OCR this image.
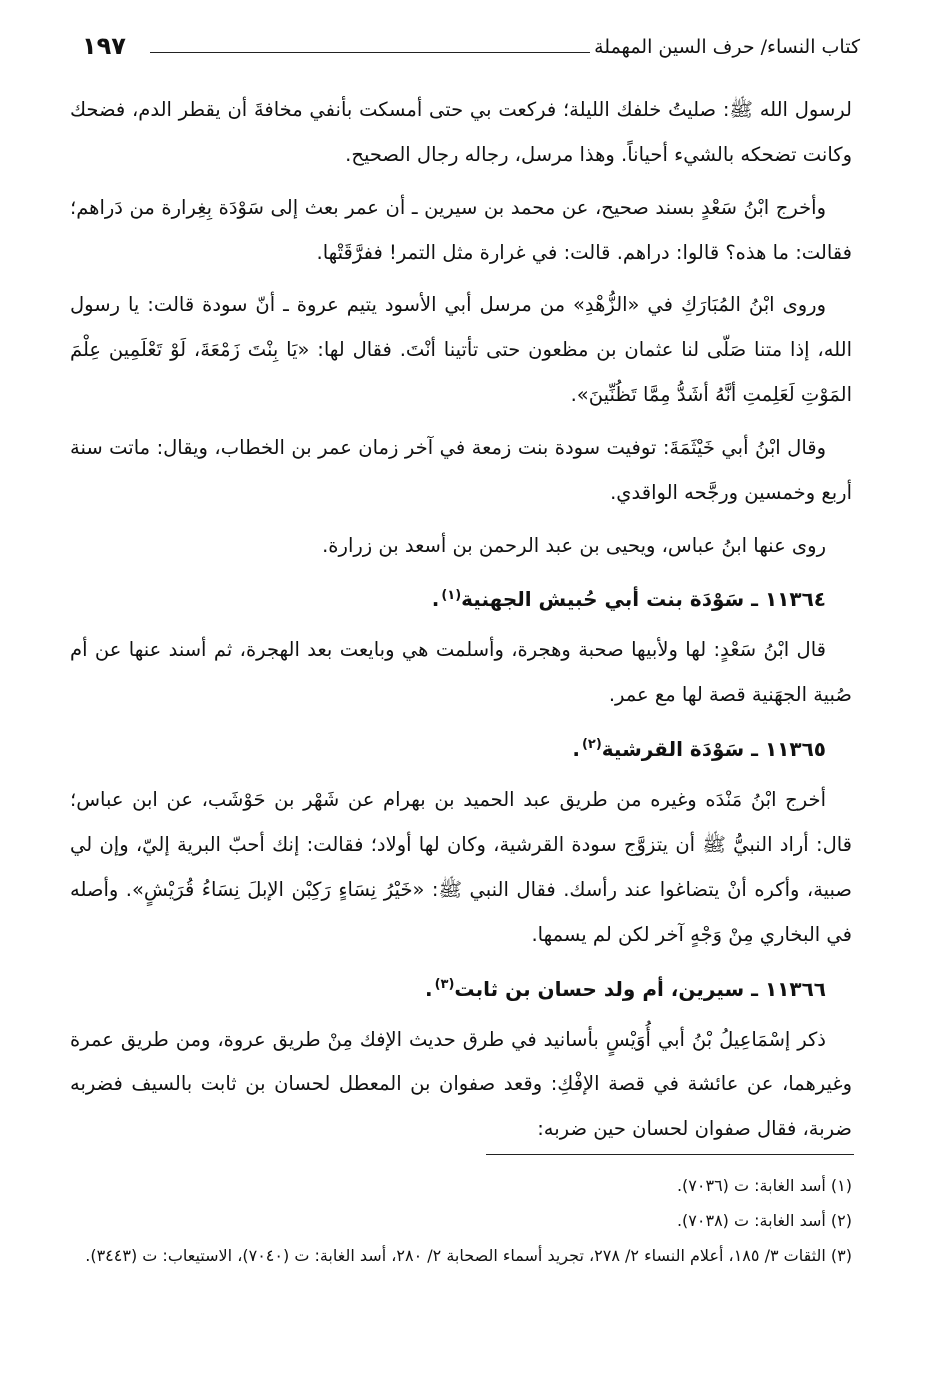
١٩٧	كتاب النساء/ حرف السين المهملة

لرسول الله ﷺ: صليتُ خلفك الليلة؛ فركعت بي حتى أمسكت بأنفي مخافةَ أن يقطر الدم، فضحك وكانت تضحكه بالشيء أحياناً. وهذا مرسل، رجاله رجال الصحيح.

وأخرج ابْنُ سَعْدٍ بسند صحيح، عن محمد بن سيرين ـ أن عمر بعث إلى سَوْدَة بِغِرارة من دَراهم؛ فقالت: ما هذه؟ قالوا: دراهم. قالت: في غرارة مثل التمر! ففرَّقَتْها.

وروى ابْنُ المُبَارَكِ في «الزُّهْدِ» من مرسل أبي الأسود يتيم عروة ـ أنّ سودة قالت: يا رسول الله، إذا متنا صَلّى لنا عثمان بن مظعون حتى تأتينا أنْتَ. فقال لها: «يَا بِنْتَ زَمْعَةَ، لَوْ تَعْلَمِين عِلْمَ المَوْتِ لَعَلِمتِ أنَّهُ أشَدُّ مِمَّا تَظُنِّينَ».

وقال ابْنُ أبي خَيْثَمَةَ: توفيت سودة بنت زمعة في آخر زمان عمر بن الخطاب، ويقال: ماتت سنة أربع وخمسين ورجَّحه الواقدي.

روى عنها ابنُ عباس، ويحيى بن عبد الرحمن بن أسعد بن زرارة.

١١٣٦٤ ـ سَوْدَة بنت أبي حُبيش الجهنية$^{(١)}$.

قال ابْنُ سَعْدٍ: لها ولأبيها صحبة وهجرة، وأسلمت هي وبايعت بعد الهجرة، ثم أسند عنها عن أم صُبية الجهَنية قصة لها مع عمر.

١١٣٦٥ ـ سَوْدَة القرشية$^{(٢)}$.

أخرج ابْنُ مَنْدَه وغيره من طريق عبد الحميد بن بهرام عن شَهْر بن حَوْشَب، عن ابن عباس؛ قال: أراد النبيُّ ﷺ أن يتزوَّج سودة القرشية، وكان لها أولاد؛ فقالت: إنك أحبّ البرية إليّ، وإن لي صبية، وأكره أنْ يتضاغوا عند رأسك. فقال النبي ﷺ: «خَيْرُ نِسَاءٍ رَكِبْن الإبلَ نِسَاءُ قُرَيْشٍ». وأصله في البخاري مِنْ وَجْهٍ آخر لكن لم يسمها.

١١٣٦٦ ـ سيرين، أم ولد حسان بن ثابت$^{(٣)}$.

ذكر إسْمَاعِيلُ بْنُ أبي أُوَيْسٍ بأسانيد في طرق حديث الإفك مِنْ طريق عروة، ومن طريق عمرة وغيرهما، عن عائشة في قصة الإفْكِ: وقعد صفوان بن المعطل لحسان بن ثابت بالسيف فضربه ضربة، فقال صفوان لحسان حين ضربه:

(١) أسد الغابة: ت (٧٠٣٦).

(٢) أسد الغابة: ت (٧٠٣٨).

(٣) الثقات ٣/ ١٨٥، أعلام النساء ٢/ ٢٧٨، تجريد أسماء الصحابة ٢/ ٢٨٠، أسد الغابة: ت (٧٠٤٠)، الاستيعاب: ت (٣٤٤٣).
